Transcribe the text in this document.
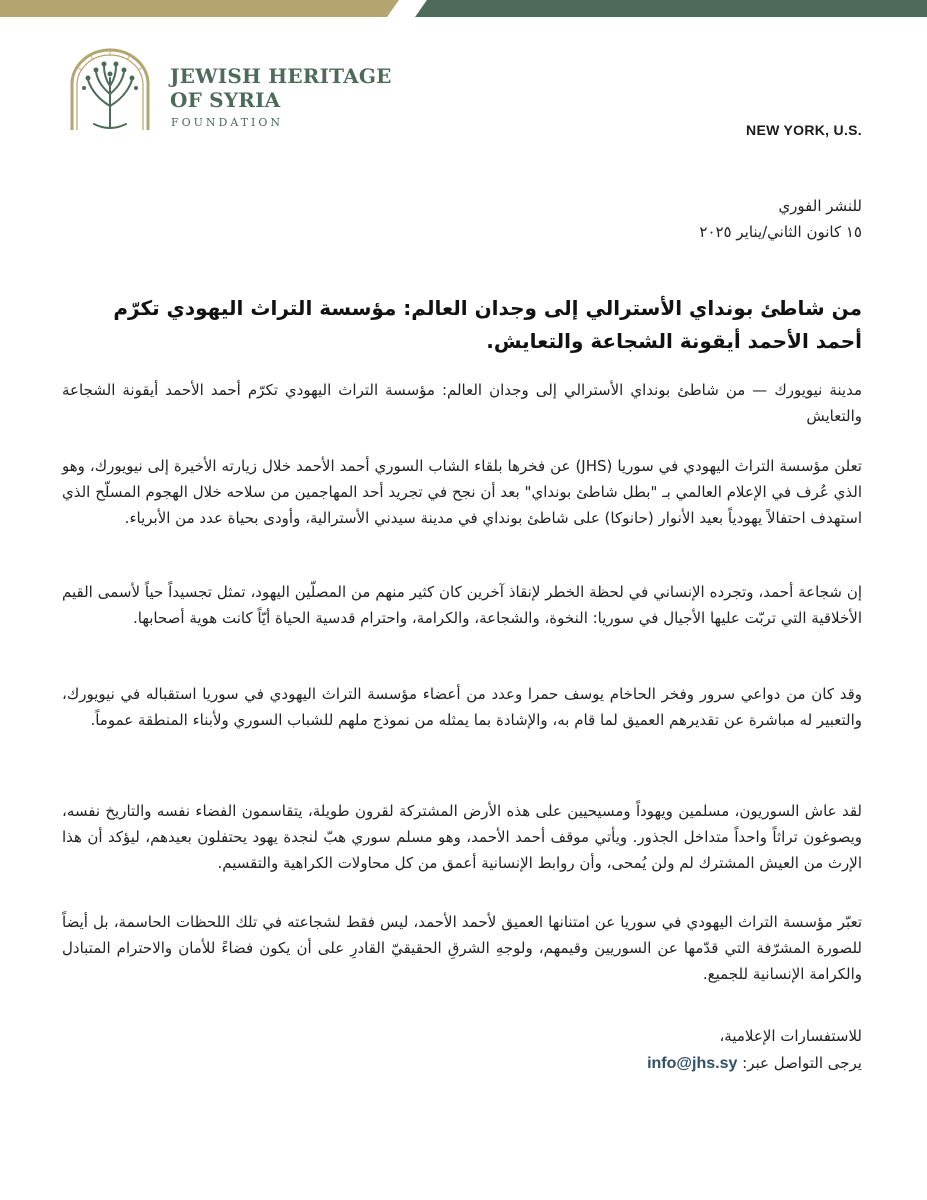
JEWISH HERITAGE
OF SYRIA
FOUNDATION	NEW YORK, U.S.
للنشر الفوري
١٥ كانون الثاني/يناير ٢٠٢٥
من شاطئ بونداي الأسترالي إلى وجدان العالم: مؤسسة التراث اليهودي تكرّم أحمد الأحمد أيقونة الشجاعة والتعايش.
مدينة نيويورك — من شاطئ بونداي الأسترالي إلى وجدان العالم: مؤسسة التراث اليهودي تكرّم أحمد الأحمد أيقونة الشجاعة والتعايش
تعلن مؤسسة التراث اليهودي في سوريا (JHS) عن فخرها بلقاء الشاب السوري أحمد الأحمد خلال زيارته الأخيرة إلى نيويورك، وهو الذي عُرف في الإعلام العالمي بـ "بطل شاطئ بونداي" بعد أن نجح في تجريد أحد المهاجمين من سلاحه خلال الهجوم المسلّح الذي استهدف احتفالاً يهودياً بعيد الأنوار (حانوكا) على شاطئ بونداي في مدينة سيدني الأسترالية، وأودى بحياة عدد من الأبرياء.
إن شجاعة أحمد، وتجرده الإنساني في لحظة الخطر لإنقاذ آخرين كان كثير منهم من المصلّين اليهود، تمثل تجسيداً حياً لأسمى القيم الأخلاقية التي تربّت عليها الأجيال في سوريا: النخوة، والشجاعة، والكرامة، واحترام قدسية الحياة أيّاً كانت هوية أصحابها.
وقد كان من دواعي سرور وفخر الحاخام يوسف حمرا وعدد من أعضاء مؤسسة التراث اليهودي في سوريا استقباله في نيويورك، والتعبير له مباشرة عن تقديرهم العميق لما قام به، والإشادة بما يمثله من نموذج ملهم للشباب السوري ولأبناء المنطقة عموماً.
لقد عاش السوريون، مسلمين ويهوداً ومسيحيين على هذه الأرض المشتركة لقرون طويلة، يتقاسمون الفضاء نفسه والتاريخ نفسه، ويصوغون تراثاً واحداً متداخل الجذور. ويأتي موقف أحمد الأحمد، وهو مسلم سوري هبّ لنجدة يهود يحتفلون بعيدهم، ليؤكد أن هذا الإرث من العيش المشترك لم ولن يُمحى، وأن روابط الإنسانية أعمق من كل محاولات الكراهية والتقسيم.
تعبّر مؤسسة التراث اليهودي في سوريا عن امتنانها العميق لأحمد الأحمد، ليس فقط لشجاعته في تلك اللحظات الحاسمة، بل أيضاً للصورة المشرّفة التي قدّمها عن السوريين وقيمهم، ولوجهِ الشرقِ الحقيقيّ القادرِ على أن يكون فضاءً للأمان والاحترام المتبادل والكرامة الإنسانية للجميع.
للاستفسارات الإعلامية،
يرجى التواصل عبر: info@jhs.sy
